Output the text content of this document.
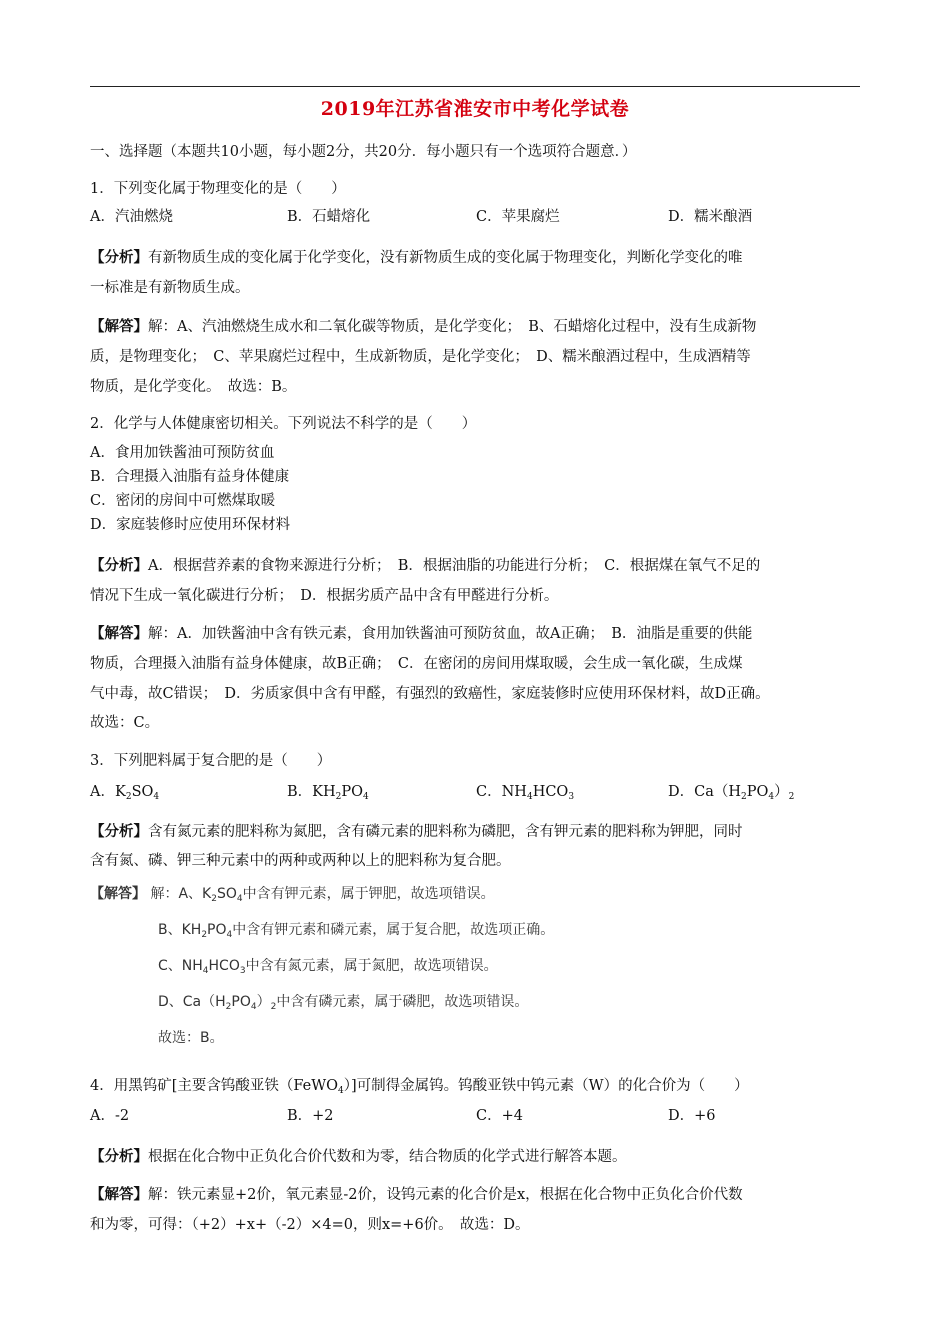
2019年江苏省淮安市中考化学试卷
一、选择题（本题共10小题，每小题2分，共20分．每小题只有一个选项符合题意．）
1．下列变化属于物理变化的是（　　）
A．汽油燃烧	B．石蜡熔化	C．苹果腐烂	D．糯米酿酒
【分析】有新物质生成的变化属于化学变化，没有新物质生成的变化属于物理变化，判断化学变化的唯
一标准是有新物质生成。
【解答】解：A、汽油燃烧生成水和二氧化碳等物质，是化学变化；　B、石蜡熔化过程中，没有生成新物
质，是物理变化；　C、苹果腐烂过程中，生成新物质，是化学变化；　D、糯米酿酒过程中，生成酒精等
物质，是化学变化。　故选：B。
2．化学与人体健康密切相关。下列说法不科学的是（　　）
A．食用加铁酱油可预防贫血
B．合理摄入油脂有益身体健康
C．密闭的房间中可燃煤取暖
D．家庭装修时应使用环保材料
【分析】A．根据营养素的食物来源进行分析；　B．根据油脂的功能进行分析；　C．根据煤在氧气不足的
情况下生成一氧化碳进行分析；　D．根据劣质产品中含有甲醛进行分析。
【解答】解：A．加铁酱油中含有铁元素，食用加铁酱油可预防贫血，故A正确；　B．油脂是重要的供能
物质，合理摄入油脂有益身体健康，故B正确；　C．在密闭的房间用煤取暖，会生成一氧化碳，生成煤
气中毒，故C错误；　D．劣质家俱中含有甲醛，有强烈的致癌性，家庭装修时应使用环保材料，故D正确。
故选：C。
3．下列肥料属于复合肥的是（　　）
A．$K_2SO_4$	B．$KH_2PO_4$	C．$NH_4HCO_3$	D．$Ca(H_2PO_4)_2$
【分析】含有氮元素的肥料称为氮肥，含有磷元素的肥料称为磷肥，含有钾元素的肥料称为钾肥，同时
含有氮、磷、钾三种元素中的两种或两种以上的肥料称为复合肥。
【解答】 解：A、$K_2SO_4$中含有钾元素，属于钾肥，故选项错误。
B、$KH_2PO_4$中含有钾元素和磷元素，属于复合肥，故选项正确。
C、$NH_4HCO_3$中含有氮元素，属于氮肥，故选项错误。
D、$Ca(H_2PO_4)_2$中含有磷元素，属于磷肥，故选项错误。
故选：B。
4．用黑钨矿[主要含钨酸亚铁（FeWO$_4$）]可制得金属钨。钨酸亚铁中钨元素（W）的化合价为（　　）
A．-2	B．+2	C．+4	D．+6
【分析】根据在化合物中正负化合价代数和为零，结合物质的化学式进行解答本题。
【解答】解：铁元素显+2价，氧元素显-2价，设钨元素的化合价是x，根据在化合物中正负化合价代数
和为零，可得：（+2）+x+（-2）×4=0，则x=+6价。　故选：D。
